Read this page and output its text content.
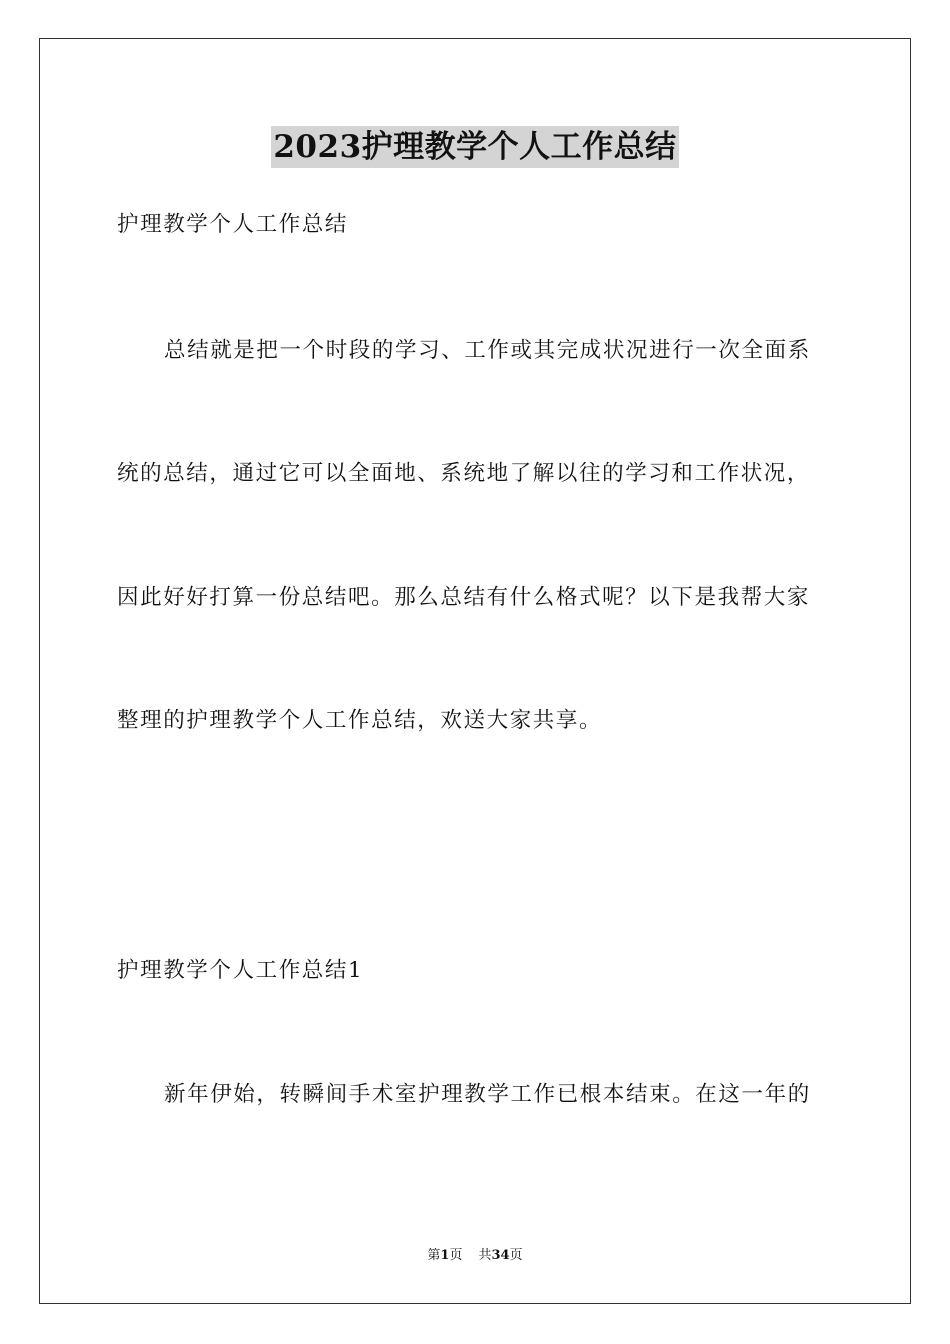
2023护理教学个人工作总结
护理教学个人工作总结
总结就是把一个时段的学习、工作或其完成状况进行一次全面系
统的总结，通过它可以全面地、系统地了解以往的学习和工作状况，
因此好好打算一份总结吧。那么总结有什么格式呢？以下是我帮大家
整理的护理教学个人工作总结，欢送大家共享。
护理教学个人工作总结1
新年伊始，转瞬间手术室护理教学工作已根本结束。在这一年的
第1页 共34页
